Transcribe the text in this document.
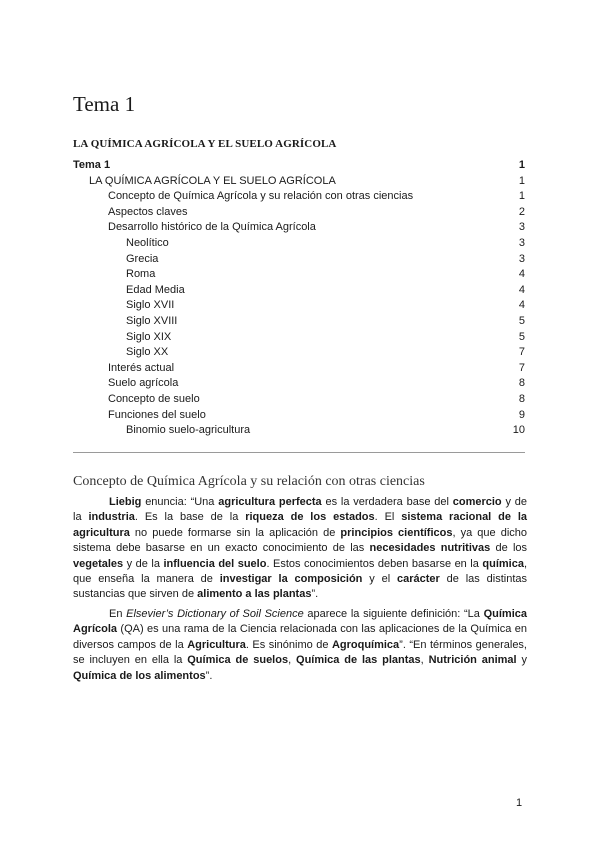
Tema 1
LA QUÍMICA AGRÍCOLA Y EL SUELO AGRÍCOLA
Tema 1	1
LA QUÍMICA AGRÍCOLA Y EL SUELO AGRÍCOLA	1
Concepto de Química Agrícola y su relación con otras ciencias	1
Aspectos claves	2
Desarrollo histórico de la Química Agrícola	3
Neolítico	3
Grecia	3
Roma	4
Edad Media	4
Siglo XVII	4
Siglo XVIII	5
Siglo XIX	5
Siglo XX	7
Interés actual	7
Suelo agrícola	8
Concepto de suelo	8
Funciones del suelo	9
Binomio suelo-agricultura	10
Concepto de Química Agrícola y su relación con otras ciencias

Liebig enuncia: “Una agricultura perfecta es la verdadera base del comercio y de la industria. Es la base de la riqueza de los estados. El sistema racional de la agricultura no puede formarse sin la aplicación de principios científicos, ya que dicho sistema debe basarse en un exacto conocimiento de las necesidades nutritivas de los vegetales y de la influencia del suelo. Estos conocimientos deben basarse en la química, que enseña la manera de investigar la composición y el carácter de las distintas sustancias que sirven de alimento a las plantas”.

En Elsevier’s Dictionary of Soil Science aparece la siguiente definición: “La Química Agrícola (QA) es una rama de la Ciencia relacionada con las aplicaciones de la Química en diversos campos de la Agricultura. Es sinónimo de Agroquímica”. “En términos generales, se incluyen en ella la Química de suelos, Química de las plantas, Nutrición animal y Química de los alimentos”.

1
